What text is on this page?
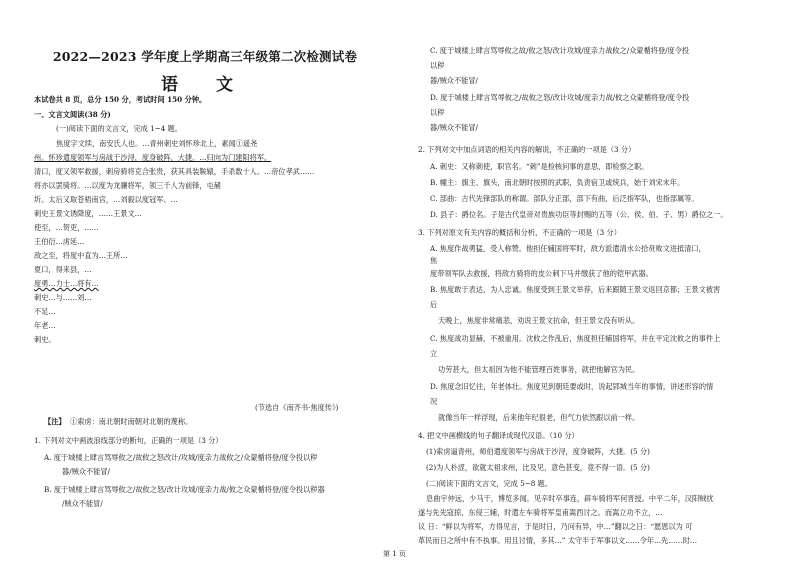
2022—2023 学年度上学期高三年级第二次检测试卷
语 文
本试卷共 8 页，总分 150 分，考试时间 150 分钟。
一、文言文阅读(38 分)
(一)阅读下面的文言文，完成 1~4 题。
焦度字文续，南安氏人也。…青州刺史刘怀珍北上，素闻①遥尧
州。怀珍遣度领军与房战于沙浔，度身破阵，大捷。…归向为门建阳将军。
清口，度又领军救援，刺房骑将克合张贵，获其具装鞍辕，手杀数十人。…帝位孝武……
将亦以罢骑将。…以度为龙骧将军，领三千人为前锋，屯赭
圻。太后又取苍梧南宫，…刘毅以度冠军、…
刺史王景文诱降度，……王景文…
使至，…贺吏，……
王伯衍…虏延…
敌之至，将度中直为…王所…
夏口，得来县，…
度勇…力士…将有…
刺史…与……刘…
不足…
年老…
刺史。
(节选自《南齐书·焦度传》)
【注】 ①索虏：南北朝时南朝对北朝的蔑称。
1. 下列对文中画波浪线部分的断句，正确的一项是（3 分）
A. 度于城楼上肆言骂辱攸之/故攸之怒改计/攻城/度亲力战攸之/众蒙楯将登/度令投以秽
器/贼众不能冒/
B. 度于城楼上肆言骂辱攸之/故攸之怒/改计攻城/度亲力战/攸之众蒙楯将登/度令投以秽器
/贼众不能冒/
C. 度于城楼上肆言骂辱攸之故/攸之怒/改计攻城/度亲力战攸之/众蒙楯将登/度令投
以秽
器/贼众不能冒/
D. 度于城楼上肆言骂辱攸之/故攸之怒/改计攻城/度亲力战/攸之众蒙楯将登/度令投
以秽
器/贼众不能冒/
2. 下列对文中加点词语的相关内容的解说，不正确的一项是（3 分）
A. 刺史：又称刺使，职官名。“刺”是检核问事的意思，即检察之职。
B. 幢主：旗主、旗头，南北朝时按照的武职，负责宿卫或统兵，始于刘宋末年。
C. 部曲：古代先锋部队的称谓。部队分正部，部下有曲，后泛指军队，也指部属等。
D. 县子：爵位名。子是古代皇帝对贵族功臣等封赐的五等（公、侯、伯、子、男）爵位之一。
3. 下列对原文有关内容的概括和分析，不正确的一项是（3 分）
A. 焦度作战勇猛，受人称赞。他担任辅国将军时，敌方派遣清水公拾贲败文进抵清口，
焦
度带领军队去救援，将敌方骑将的皮公刺下马并缴获了他的铠甲武器。
B. 焦度敢于表达，为人忠诚。焦度受到王景文举荐，后来跟随王景文返回京都；王景文被害
后
天晚上，焦度非常痛悲，劝说王景文抗命，但王景文没有听从。
C. 焦度战功显赫，不被重用。沈攸之作乱后，焦度担任辅国将军，并在平定沈攸之的事件上
立
功劳甚大，但太祖因为他不能管理百姓事务，就把他解官为民。
D. 焦度念旧忆往，年老体壮。焦度见到朝廷要或时，说起郢城当年的事情，讲述形容的情
况
就像当年一样浮现，后来他年纪很老，但气力依然跟以前一样。
4. 把文中画横线的句子翻译成现代汉语。（10 分）
(1)索虏逼青州，师伯遣度领军与房战于沙浔，度身破阵，大捷。(5 分)
(2)为人朴涩，欲就太祖求州，比及见，意色甚变，竟不得一语。(5 分)
(二)阅读下面的文言文，完成 5~8 题。
息曲宇仲远，少马干，博览多闻。见辛时卒事连，辟车骑将军何晋授。中平二年，汉阳贼扰
遂与先先寇掠，东侵三辅，时遣左车骑将军皇甫嵩西讨之。而嵩立功不立，…
议 日：“鲜以为将军，方得见言，于是时日，乃问有异，中…”翻以之日：“愿恩以为 可
革民而日之所中有不执事。用且讨情，多其…” 太守半于军事以文……令年…先……时…
第 1 页
